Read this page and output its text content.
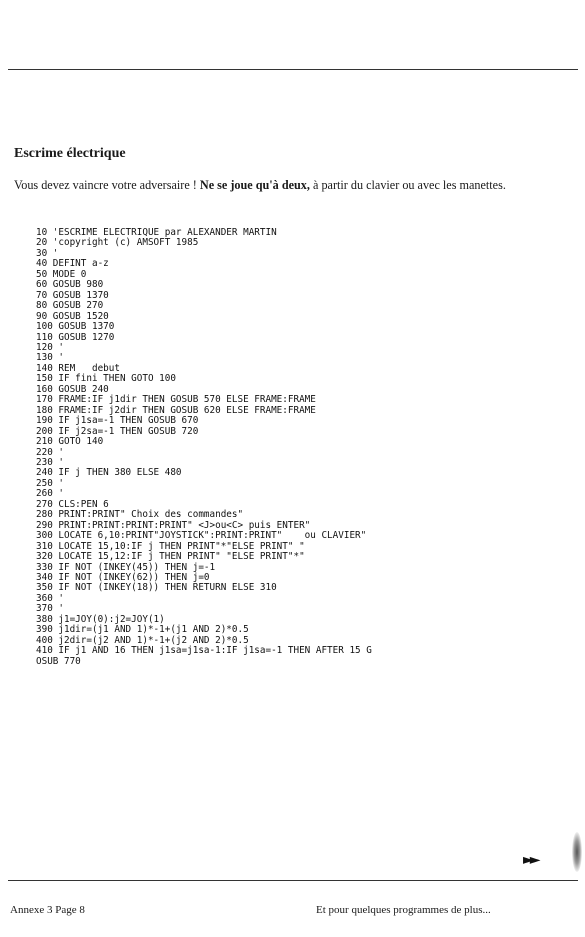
Escrime électrique

Vous devez vaincre votre adversaire ! Ne se joue qu'à deux, à partir du clavier ou avec les manettes.

10 'ESCRIME ELECTRIQUE par ALEXANDER MARTIN
20 'copyright (c) AMSOFT 1985
30 '
40 DEFINT a-z
50 MODE 0
60 GOSUB 980
70 GOSUB 1370
80 GOSUB 270
90 GOSUB 1520
100 GOSUB 1370
110 GOSUB 1270
120 '
130 '
140 REM   debut
150 IF fini THEN GOTO 100
160 GOSUB 240
170 FRAME:IF j1dir THEN GOSUB 570 ELSE FRAME:FRAME
180 FRAME:IF j2dir THEN GOSUB 620 ELSE FRAME:FRAME
190 IF j1sa=-1 THEN GOSUB 670
200 IF j2sa=-1 THEN GOSUB 720
210 GOTO 140
220 '
230 '
240 IF j THEN 380 ELSE 480
250 '
260 '
270 CLS:PEN 6
280 PRINT:PRINT" Choix des commandes"
290 PRINT:PRINT:PRINT:PRINT" <J>ou<C> puis ENTER"
300 LOCATE 6,10:PRINT"JOYSTICK":PRINT:PRINT"    ou CLAVIER"
310 LOCATE 15,10:IF j THEN PRINT"*"ELSE PRINT" "
320 LOCATE 15,12:IF j THEN PRINT" "ELSE PRINT"*"
330 IF NOT (INKEY(45)) THEN j=-1
340 IF NOT (INKEY(62)) THEN j=0
350 IF NOT (INKEY(18)) THEN RETURN ELSE 310
360 '
370 '
380 j1=JOY(0):j2=JOY(1)
390 j1dir=(j1 AND 1)*-1+(j1 AND 2)*0.5
400 j2dir=(j2 AND 1)*-1+(j2 AND 2)*0.5
410 IF j1 AND 16 THEN j1sa=j1sa-1:IF j1sa=-1 THEN AFTER 15 G
OSUB 770

►►
Annexe 3 Page 8	Et pour quelques programmes de plus...
